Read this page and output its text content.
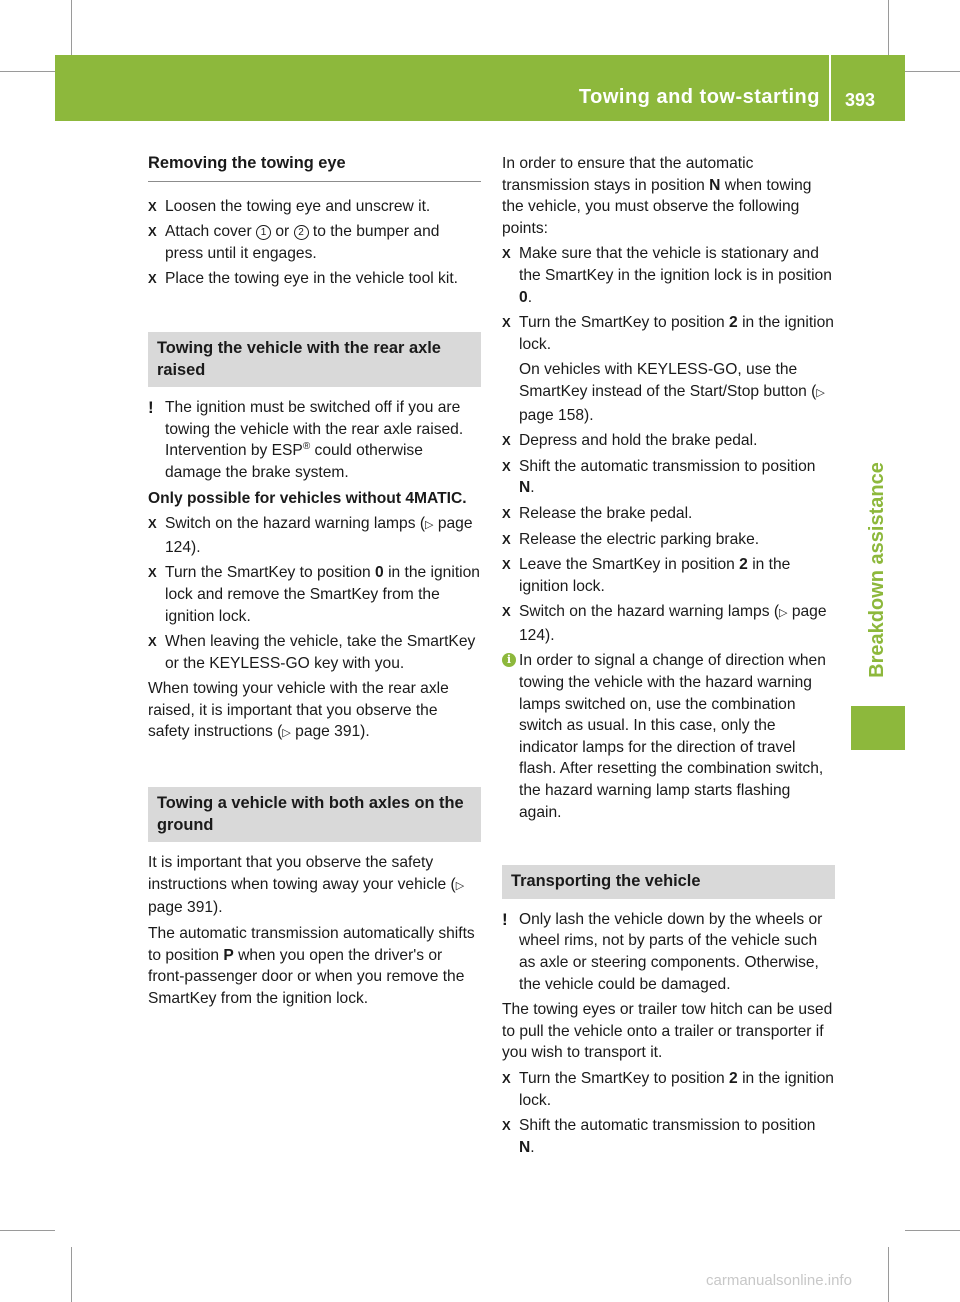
Towing and tow-starting 393
Breakdown assistance
Removing the towing eye
X Loosen the towing eye and unscrew it.
X Attach cover 1 or 2 to the bumper and press until it engages.
X Place the towing eye in the vehicle tool kit.
Towing the vehicle with the rear axle raised
! The ignition must be switched off if you are towing the vehicle with the rear axle raised. Intervention by ESP® could otherwise damage the brake system.

Only possible for vehicles without 4MATIC.

X Switch on the hazard warning lamps (▷ page 124).
X Turn the SmartKey to position 0 in the ignition lock and remove the SmartKey from the ignition lock.
X When leaving the vehicle, take the SmartKey or the KEYLESS-GO key with you.

When towing your vehicle with the rear axle raised, it is important that you observe the safety instructions (▷ page 391).

Towing a vehicle with both axles on the ground

It is important that you observe the safety instructions when towing away your vehicle (▷ page 391).

The automatic transmission automatically shifts to position P when you open the driver's or front-passenger door or when you remove the SmartKey from the ignition lock.

In order to ensure that the automatic transmission stays in position N when towing the vehicle, you must observe the following points:

X Make sure that the vehicle is stationary and the SmartKey in the ignition lock is in position 0.
X Turn the SmartKey to position 2 in the ignition lock.
On vehicles with KEYLESS-GO, use the SmartKey instead of the Start/Stop button (▷ page 158).
X Depress and hold the brake pedal.
X Shift the automatic transmission to position N.
X Release the brake pedal.
X Release the electric parking brake.
X Leave the SmartKey in position 2 in the ignition lock.
X Switch on the hazard warning lamps (▷ page 124).
i In order to signal a change of direction when towing the vehicle with the hazard warning lamps switched on, use the combination switch as usual. In this case, only the indicator lamps for the direction of travel flash. After resetting the combination switch, the hazard warning lamp starts flashing again.
Transporting the vehicle
! Only lash the vehicle down by the wheels or wheel rims, not by parts of the vehicle such as axle or steering components. Otherwise, the vehicle could be damaged.

The towing eyes or trailer tow hitch can be used to pull the vehicle onto a trailer or transporter if you wish to transport it.

X Turn the SmartKey to position 2 in the ignition lock.
X Shift the automatic transmission to position N.
carmanualsonline.info
